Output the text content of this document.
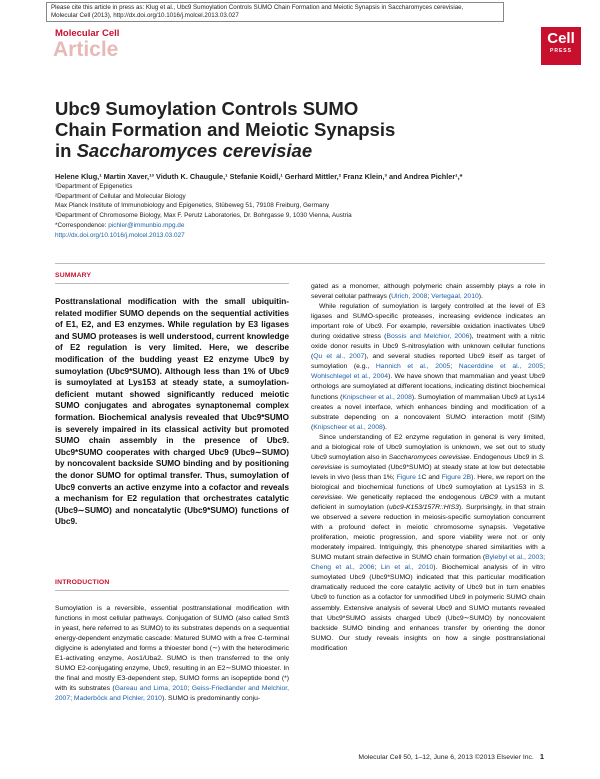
Please cite this article in press as: Klug et al., Ubc9 Sumoylation Controls SUMO Chain Formation and Meiotic Synapsis in Saccharomyces cerevisiae,
Molecular Cell (2013), http://dx.doi.org/10.1016/j.molcel.2013.03.027
Molecular Cell
Article	Cell
PRESS
Ubc9 Sumoylation Controls SUMO
Chain Formation and Meiotic Synapsis
in Saccharomyces cerevisiae
Helene Klug,¹ Martin Xaver,¹³ Viduth K. Chaugule,¹ Stefanie Koidl,¹ Gerhard Mittler,² Franz Klein,³ and Andrea Pichler¹,*
¹Department of Epigenetics
²Department of Cellular and Molecular Biology
Max Planck Institute of Immunobiology and Epigenetics, Stübeweg 51, 79108 Freiburg, Germany
³Department of Chromosome Biology, Max F. Perutz Laboratories, Dr. Bohrgasse 9, 1030 Vienna, Austria
*Correspondence: pichler@immunbio.mpg.de
http://dx.doi.org/10.1016/j.molcel.2013.03.027
SUMMARY
Posttranslational modification with the small ubiquitin-related modifier SUMO depends on the sequential activities of E1, E2, and E3 enzymes. While regulation by E3 ligases and SUMO proteases is well understood, current knowledge of E2 regulation is very limited. Here, we describe modification of the budding yeast E2 enzyme Ubc9 by sumoylation (Ubc9*SUMO). Although less than 1% of Ubc9 is sumoylated at Lys153 at steady state, a sumoylation-deficient mutant showed significantly reduced meiotic SUMO conjugates and abrogates synaptonemal complex formation. Biochemical analysis revealed that Ubc9*SUMO is severely impaired in its classical activity but promoted SUMO chain assembly in the presence of Ubc9. Ubc9*SUMO cooperates with charged Ubc9 (Ubc9∼SUMO) by noncovalent backside SUMO binding and by positioning the donor SUMO for optimal transfer. Thus, sumoylation of Ubc9 converts an active enzyme into a cofactor and reveals a mechanism for E2 regulation that orchestrates catalytic (Ubc9∼SUMO) and noncatalytic (Ubc9*SUMO) functions of Ubc9.
INTRODUCTION

Sumoylation is a reversible, essential posttranslational modification with functions in most cellular pathways. Conjugation of SUMO (also called Smt3 in yeast, here referred to as SUMO) to its substrates depends on a sequential energy-dependent enzymatic cascade: Matured SUMO with a free C-terminal diglycine is adenylated and forms a thioester bond (∼) with the heterodimeric E1-activating enzyme, Aos1/Uba2. SUMO is then transferred to the only SUMO E2-conjugating enzyme, Ubc9, resulting in an E2∼SUMO thioester. In the final and mostly E3-dependent step, SUMO forms an isopeptide bond (*) with its substrates (Gareau and Lima, 2010; Geiss-Friedlander and Melchior, 2007; Maderböck and Pichler, 2010). SUMO is predominantly conju-

gated as a monomer, although polymeric chain assembly plays a role in several cellular pathways (Ulrich, 2008; Vertegaal, 2010).

While regulation of sumoylation is largely controlled at the level of E3 ligases and SUMO-specific proteases, increasing evidence indicates an important role of Ubc9. For example, reversible oxidation inactivates Ubc9 during oxidative stress (Bossis and Melchior, 2006), treatment with a nitric oxide donor results in Ubc9 S-nitrosylation with unknown cellular functions (Qu et al., 2007), and several studies reported Ubc9 itself as target of sumoylation (e.g., Hannich et al., 2005; Nacerddine et al., 2005; Wohlschlegel et al., 2004). We have shown that mammalian and yeast Ubc9 orthologs are sumoylated at different locations, indicating distinct biochemical functions (Knipscheer et al., 2008). Sumoylation of mammalian Ubc9 at Lys14 creates a novel interface, which enhances binding and modification of a substrate depending on a noncovalent SUMO interaction motif (SIM) (Knipscheer et al., 2008).

Since understanding of E2 enzyme regulation in general is very limited, and a biological role of Ubc9 sumoylation is unknown, we set out to study Ubc9 sumoylation also in Saccharomyces cerevisiae. Endogenous Ubc9 in S. cerevisiae is sumoylated (Ubc9*SUMO) at steady state at low but detectable levels in vivo (less than 1%; Figure 1C and Figure 2B). Here, we report on the biological and biochemical functions of Ubc9 sumoylation at Lys153 in S. cerevisiae. We genetically replaced the endogenous UBC9 with a mutant deficient in sumoylation (ubc9-K153/157R::HIS3). Surprisingly, in that strain we observed a severe reduction in meiosis-specific sumoylation concurrent with a profound defect in meiotic chromosome synapsis. Vegetative proliferation, meiotic progression, and spore viability were not or only moderately impaired. Intriguingly, this phenotype shared similarities with a SUMO mutant strain defective in SUMO chain formation (Bylebyl et al., 2003; Cheng et al., 2006; Lin et al., 2010). Biochemical analysis of in vitro sumoylated Ubc9 (Ubc9*SUMO) indicated that this particular modification dramatically reduced the core catalytic activity of Ubc9 but in turn enables Ubc9 to function as a cofactor for unmodified Ubc9 in polymeric SUMO chain assembly. Extensive analysis of several Ubc9 and SUMO mutants revealed that Ubc9*SUMO assists charged Ubc9 (Ubc9∼SUMO) by noncovalent backside SUMO binding and enhances transfer by orienting the donor SUMO. Our study reveals insights on how a single posttranslational modification

Molecular Cell 50, 1–12, June 6, 2013 ©2013 Elsevier Inc. 1
